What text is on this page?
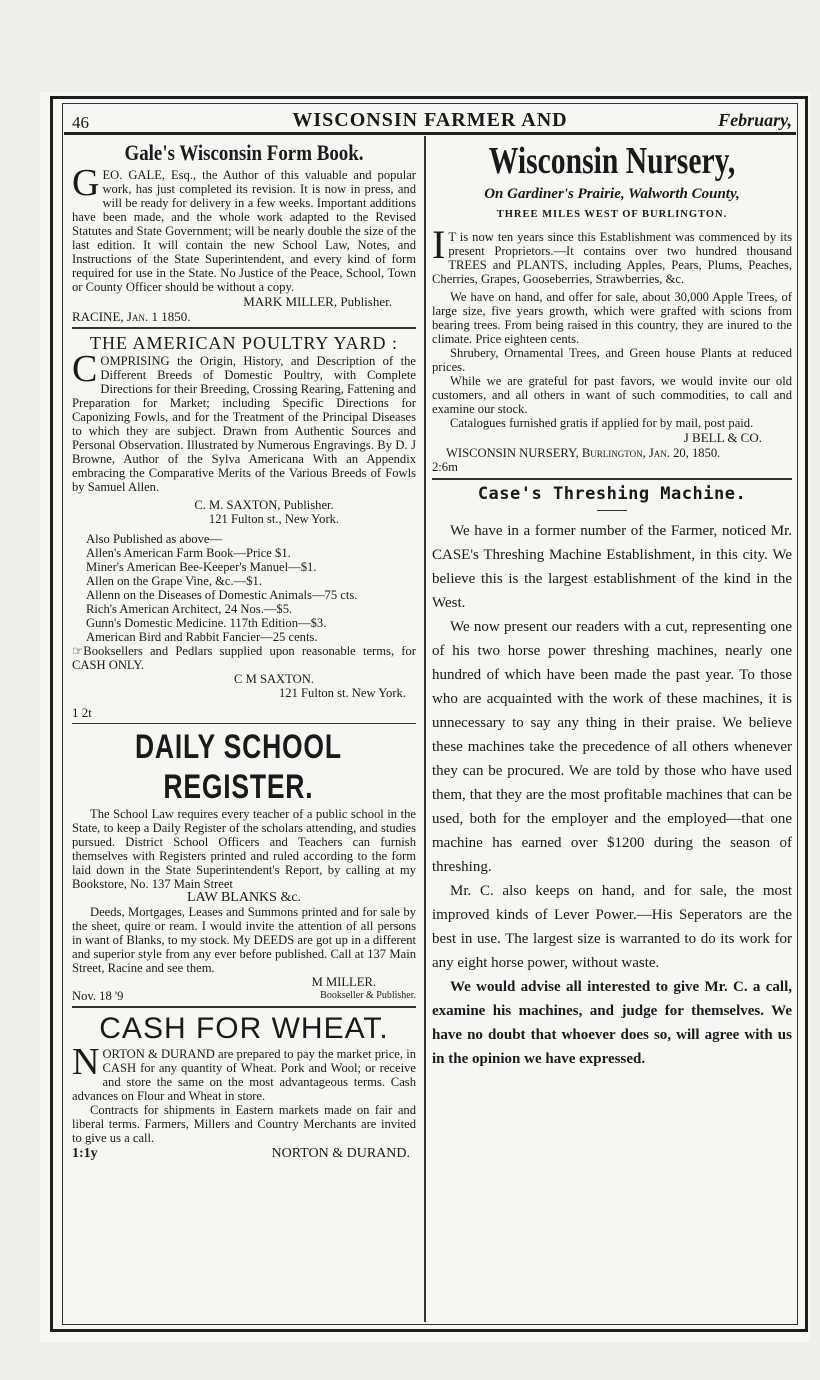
46	WISCONSIN FARMER AND	February,
Gale's Wisconsin Form Book.

GEO. GALE, Esq., the Author of this valuable and popular work, has just completed its revision. It is now in press, and will be ready for delivery in a few weeks. Important additions have been made, and the whole work adapted to the Revised Statutes and State Government; will be nearly double the size of the last edition. It will contain the new School Law, Notes, and Instructions of the State Superintendent, and every kind of form required for use in the State. No Justice of the Peace, School, Town or County Officer should be without a copy.

MARK MILLER, Publisher.

RACINE, Jan. 1 1850.

THE AMERICAN POULTRY YARD :

COMPRISING the Origin, History, and Description of the Different Breeds of Domestic Poultry, with Complete Directions for their Breeding, Crossing Rearing, Fattening and Preparation for Market; including Specific Directions for Caponizing Fowls, and for the Treatment of the Principal Diseases to which they are subject. Drawn from Authentic Sources and Personal Observation. Illustrated by Numerous Engravings. By D. J Browne, Author of the Sylva Americana With an Appendix embracing the Comparative Merits of the Various Breeds of Fowls by Samuel Allen.

C. M. SAXTON, Publisher.

121 Fulton st., New York.

Also Published as above—

Allen's American Farm Book—Price $1.

Miner's American Bee-Keeper's Manuel—$1.

Allen on the Grape Vine, &c.—$1.

Allenn on the Diseases of Domestic Animals—75 cts.

Rich's American Architect, 24 Nos.—$5.

Gunn's Domestic Medicine. 117th Edition—$3.

American Bird and Rabbit Fancier—25 cents.

☞Booksellers and Pedlars supplied upon reasonable terms, for CASH ONLY.

C M SAXTON.

121 Fulton st. New York.

1 2t

DAILY SCHOOL REGISTER.

The School Law requires every teacher of a public school in the State, to keep a Daily Register of the scholars attending, and studies pursued. District School Officers and Teachers can furnish themselves with Registers printed and ruled according to the form laid down in the State Superintendent's Report, by calling at my Bookstore, No. 137 Main Street

LAW BLANKS &c.

Deeds, Mortgages, Leases and Summons printed and for sale by the sheet, quire or ream. I would invite the attention of all persons in want of Blanks, to my stock. My DEEDS are got up in a different and superior style from any ever before published. Call at 137 Main Street, Racine and see them.

M MILLER.

Nov. 18 '9	Bookseller & Publisher.

CASH FOR WHEAT.

NORTON & DURAND are prepared to pay the market price, in CASH for any quantity of Wheat. Pork and Wool; or receive and store the same on the most advantageous terms. Cash advances on Flour and Wheat in store.

Contracts for shipments in Eastern markets made on fair and liberal terms. Farmers, Millers and Country Merchants are invited to give us a call.

1:1y	NORTON & DURAND.

Wisconsin Nursery,
On Gardiner's Prairie, Walworth County,
THREE MILES WEST OF BURLINGTON.

I T is now ten years since this Establishment was commenced by its present Proprietors.—It contains over two hundred thousand TREES and PLANTS, including Apples, Pears, Plums, Peaches, Cherries, Grapes, Gooseberries, Strawberries, &c.

We have on hand, and offer for sale, about 30,000 Apple Trees, of large size, five years growth, which were grafted with scions from bearing trees. From being raised in this country, they are inured to the climate. Price eighteen cents.

Shrubery, Ornamental Trees, and Green house Plants at reduced prices.

While we are grateful for past favors, we would invite our old customers, and all others in want of such commodities, to call and examine our stock.

Catalogues furnished gratis if applied for by mail, post paid.

J BELL & CO.

WISCONSIN NURSERY, Burlington, Jan. 20, 1850.

2:6m

Case's Threshing Machine.

We have in a former number of the Farmer, noticed Mr. CASE's Threshing Machine Establishment, in this city. We believe this is the largest establishment of the kind in the West.

We now present our readers with a cut, representing one of his two horse power threshing machines, nearly one hundred of which have been made the past year. To those who are acquainted with the work of these machines, it is unnecessary to say any thing in their praise. We believe these machines take the precedence of all others whenever they can be procured. We are told by those who have used them, that they are the most profitable machines that can be used, both for the employer and the employed—that one machine has earned over $1200 during the season of threshing.

Mr. C. also keeps on hand, and for sale, the most improved kinds of Lever Power.—His Seperators are the best in use. The largest size is warranted to do its work for any eight horse power, without waste.

We would advise all interested to give Mr. C. a call, examine his machines, and judge for themselves. We have no doubt that whoever does so, will agree with us in the opinion we have expressed.
